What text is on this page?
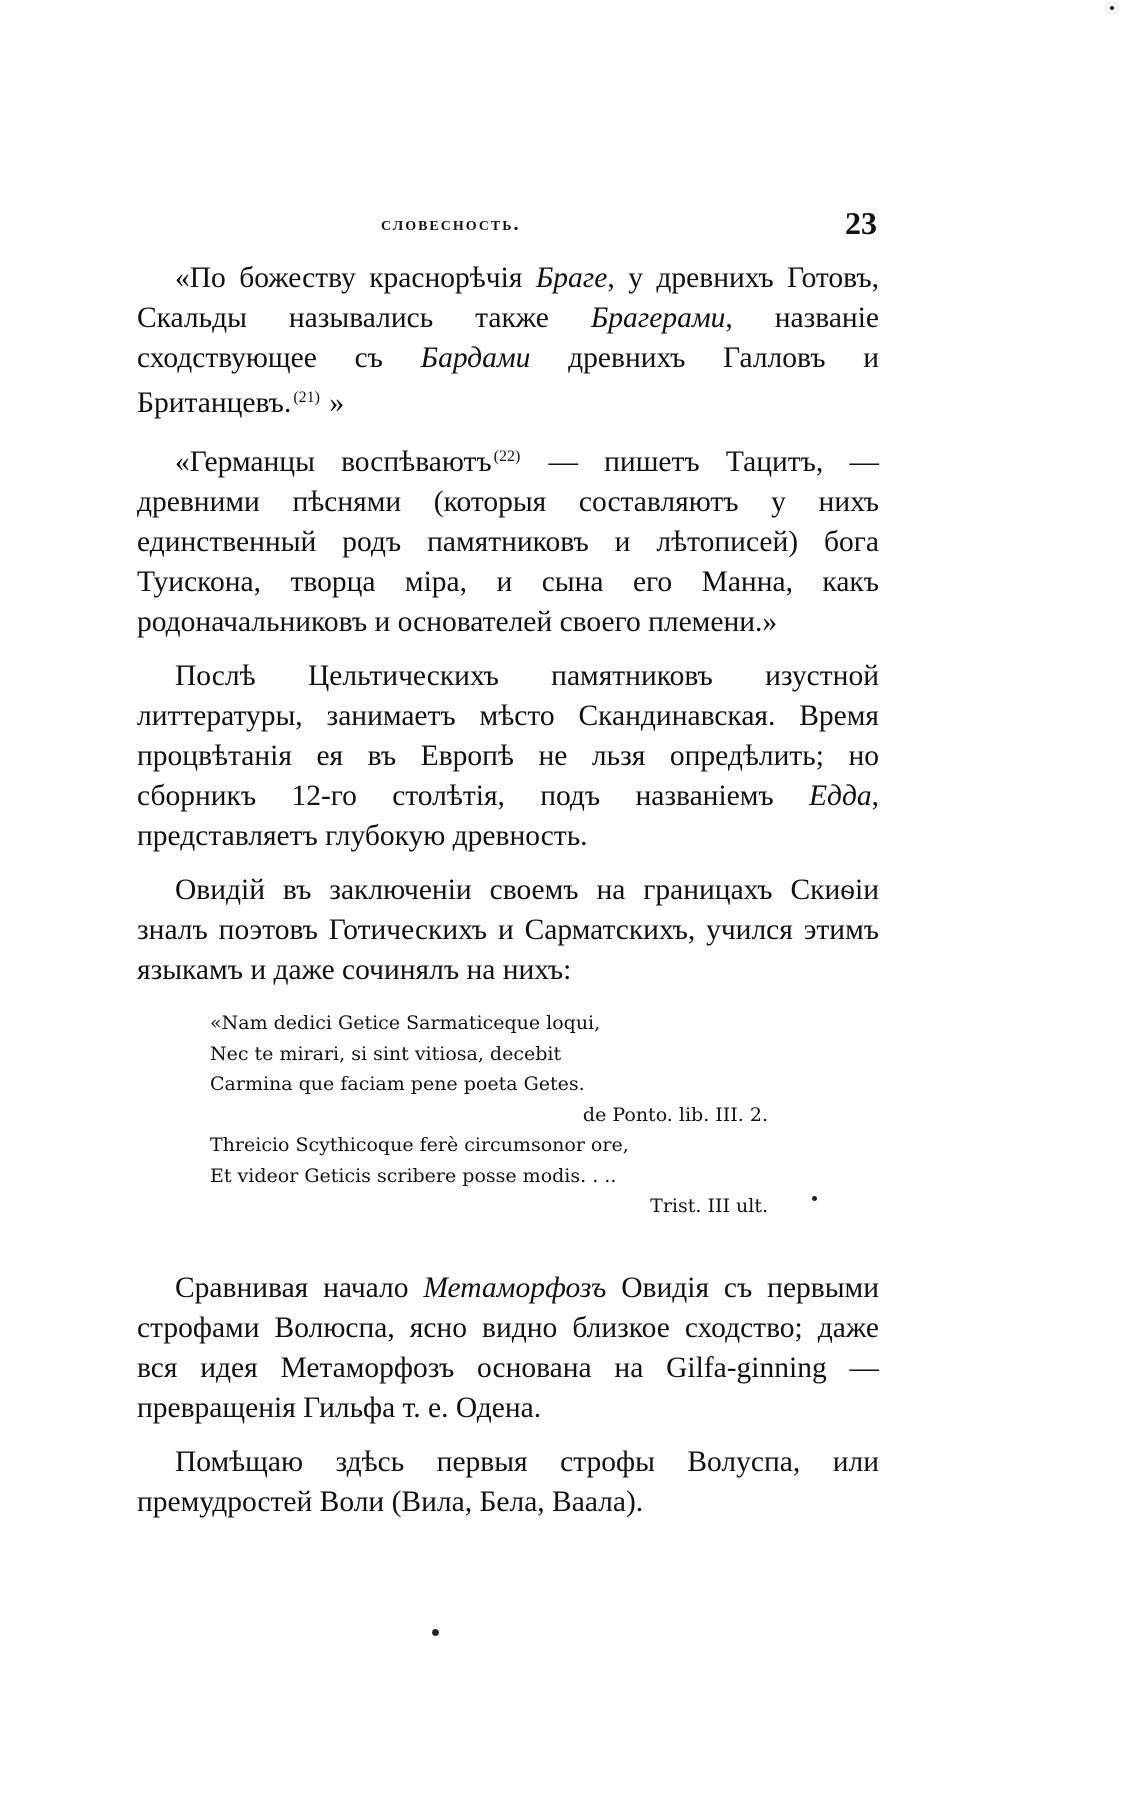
словесность.	23

«По божеству краснорѣчія Браге, у древнихъ Готовъ, Скальды назывались также Брагерами, названіе сходствующее съ Бардами древнихъ Галловъ и Британцевъ. $^{(21)}$ »

«Германцы воспѣваютъ $^{(22)}$ — пишетъ Тацитъ, — древними пѣснями (которыя составляютъ у нихъ единственный родъ памятниковъ и лѣтописей) бога Туискона, творца міра, и сына его Манна, какъ родоначальниковъ и основателей своего племени.»

Послѣ Цельтическихъ памятниковъ изустной литтературы, занимаетъ мѣсто Скандинавская. Время процвѣтанія ея въ Европѣ не льзя опредѣлить; но сборникъ 12-го столѣтія, подъ названіемъ Едда, представляетъ глубокую древность.

Овидій въ заключеніи своемъ на границахъ Скиѳіи зналъ поэтовъ Готическихъ и Сарматскихъ, учился этимъ языкамъ и даже сочинялъ на нихъ:

«Nam dedici Getice Sarmaticeque loqui,
Nec te mirari, si sint vitiosa, decebit
Carmina que faciam pene poeta Getes.
de Ponto. lib. III. 2.
Threicio Scythicoque ferè circumsonor ore,
Et videor Geticis scribere posse modis. . ..
Trist. III ult.

Сравнивая начало Метаморфозъ Овидія съ первыми строфами Волюспа, ясно видно близкое сходство; даже вся идея Метаморфозъ основана на Gilfa-ginning — превращенія Гильфа т. е. Одена.

Помѣщаю здѣсь первыя строфы Волуспа, или премудростей Воли (Вила, Бела, Ваала).
